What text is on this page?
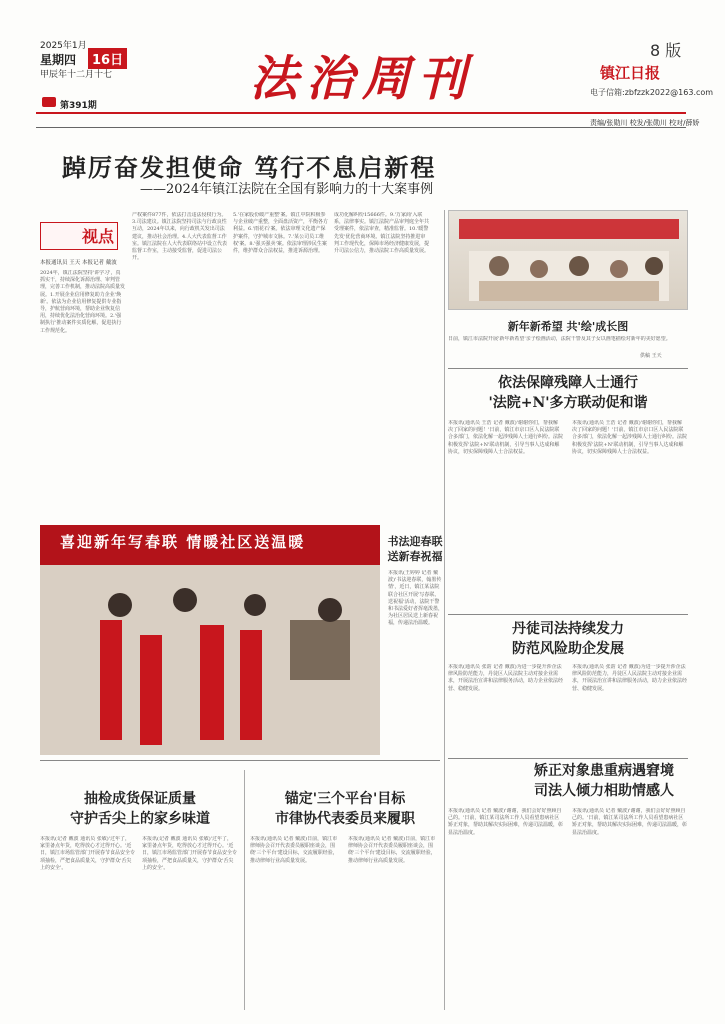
2025年1月
星期四
甲辰年十二月十七
16日
第391期	法治周刊
8 版
镇江日报
电子信箱:zbfzzk2022@163.com
责编/张勋川 校发/张勋川 校对/薛娇
踔厉奋发担使命 笃行不息启新程
——2024年镇江法院在全国有影响力的十大案事例
视点
本报通讯员 王天 本报记者 戴波
2024年，镇江法院坚持'讲学习'，真抓实干，持续深化诉源治理、审判管理，完善工作机制，推动法院高质量发展。1.开展企业信用修复助力企业'焕新'。依法为企业信用修复提供专业指导，护航营商环境，帮助企业恢复信用，持续优化法治化营商环境。2.'强制执行'推动案件实质化解，促进执行工作规范化。
产权案件877件，依法打击违法侵权行为。3.司法建议。镇江法院坚持司法与行政良性互动，2024年以来，向行政机关发出司法建议，推动社会治理。4.人大代表监督工作室。镇江法院在人大代表联络站中设立代表监督工作室，主动接受监督，促进司法公开。
5.'在家股份破产重整'案。镇江中院积极参与企业破产重整，全面盘活资产，平衡各方利益。6.'雨花石'案。依法审理文化遗产保护案件，守护城市文脉。7.'某公司员工维权'案。8.'强买强卖'案。依法审理涉民生案件，维护群众合法权益，推进诉源治理。
成功化解纠纷15666件。9.'万家商'入联系，法律事实。镇江法院产品审判庭全年共受理案件，依法审查，精准监督。10.'暖警先发'优化营商环境。镇江法院坚持推进审判工作现代化，保障市场经济健康发展，提升司法公信力，推动法院工作高质量发展。
新年新希望 共'绘'成长图
日前，镇江市法院开展'新年新希望'亲子绘画活动，法院干警及其子女以画笔描绘对新年的美好愿望。
供稿 王天
依法保障残障人士通行
'法院+N'多方联动促和谐
本报讯(通讯员 王浩 记者 戴波)'谢谢你们，帮我解决了回家的问题！'日前，镇江市京口区人民法院联合多部门，依法化解一起涉残障人士通行纠纷。法院积极发挥'法院+N'联动机制，引导当事人达成和解协议，切实保障残障人士合法权益。
本报讯(通讯员 王浩 记者 戴波)'谢谢你们，帮我解决了回家的问题！'日前，镇江市京口区人民法院联合多部门，依法化解一起涉残障人士通行纠纷。法院积极发挥'法院+N'联动机制，引导当事人达成和解协议，切实保障残障人士合法权益。
喜迎新年写春联 情暖社区送温暖	书法迎春联
送新春祝福
本报讯(王婷婷 记者 戴波)'书法迎春联，翰墨传情'，近日，镇江某法院联合社区开展'写春联、送祝福'活动，法院干警和书法爱好者挥毫泼墨，为社区居民送上新春祝福，传递法治温暖。	丹徒司法持续发力
防范风险助企发展
本报讯(通讯员 张韵 记者 戴波)为进一步提升涉企法律风险防范能力，丹徒区人民法院主动对接企业需求，开展法治宣讲和法律服务活动，助力企业依法经营、稳健发展。
本报讯(通讯员 张韵 记者 戴波)为进一步提升涉企法律风险防范能力，丹徒区人民法院主动对接企业需求，开展法治宣讲和法律服务活动，助力企业依法经营、稳健发展。
矫正对象患重病遇窘境
司法人倾力相助情感人
本报讯(通讯员 记者 戴波)'谢谢，我们会好好照顾自己的。'日前，镇江某司法所工作人员看望患病社区矫正对象，帮助其解决实际困难，传递司法温暖，彰显法治温度。
本报讯(通讯员 记者 戴波)'谢谢，我们会好好照顾自己的。'日前，镇江某司法所工作人员看望患病社区矫正对象，帮助其解决实际困难，传递司法温暖，彰显法治温度。
抽检成货保证质量
守护舌尖上的家乡味道
本报讯(记者 戴波 通讯员 张敏)'过年了，家里备点年货，吃得放心才过得开心。'近日，镇江市场监管部门开展春节食品安全专项抽检，严把食品质量关，守护群众'舌尖上的安全'。
本报讯(记者 戴波 通讯员 张敏)'过年了，家里备点年货，吃得放心才过得开心。'近日，镇江市场监管部门开展春节食品安全专项抽检，严把食品质量关，守护群众'舌尖上的安全'。
锚定'三个平台'目标
市律协代表委员来履职
本报讯(通讯员 记者 戴波)日前，镇江市律师协会召开代表委员履职座谈会，围绕'三个平台'建设目标，交流履职经验，推动律师行业高质量发展。
本报讯(通讯员 记者 戴波)日前，镇江市律师协会召开代表委员履职座谈会，围绕'三个平台'建设目标，交流履职经验，推动律师行业高质量发展。
